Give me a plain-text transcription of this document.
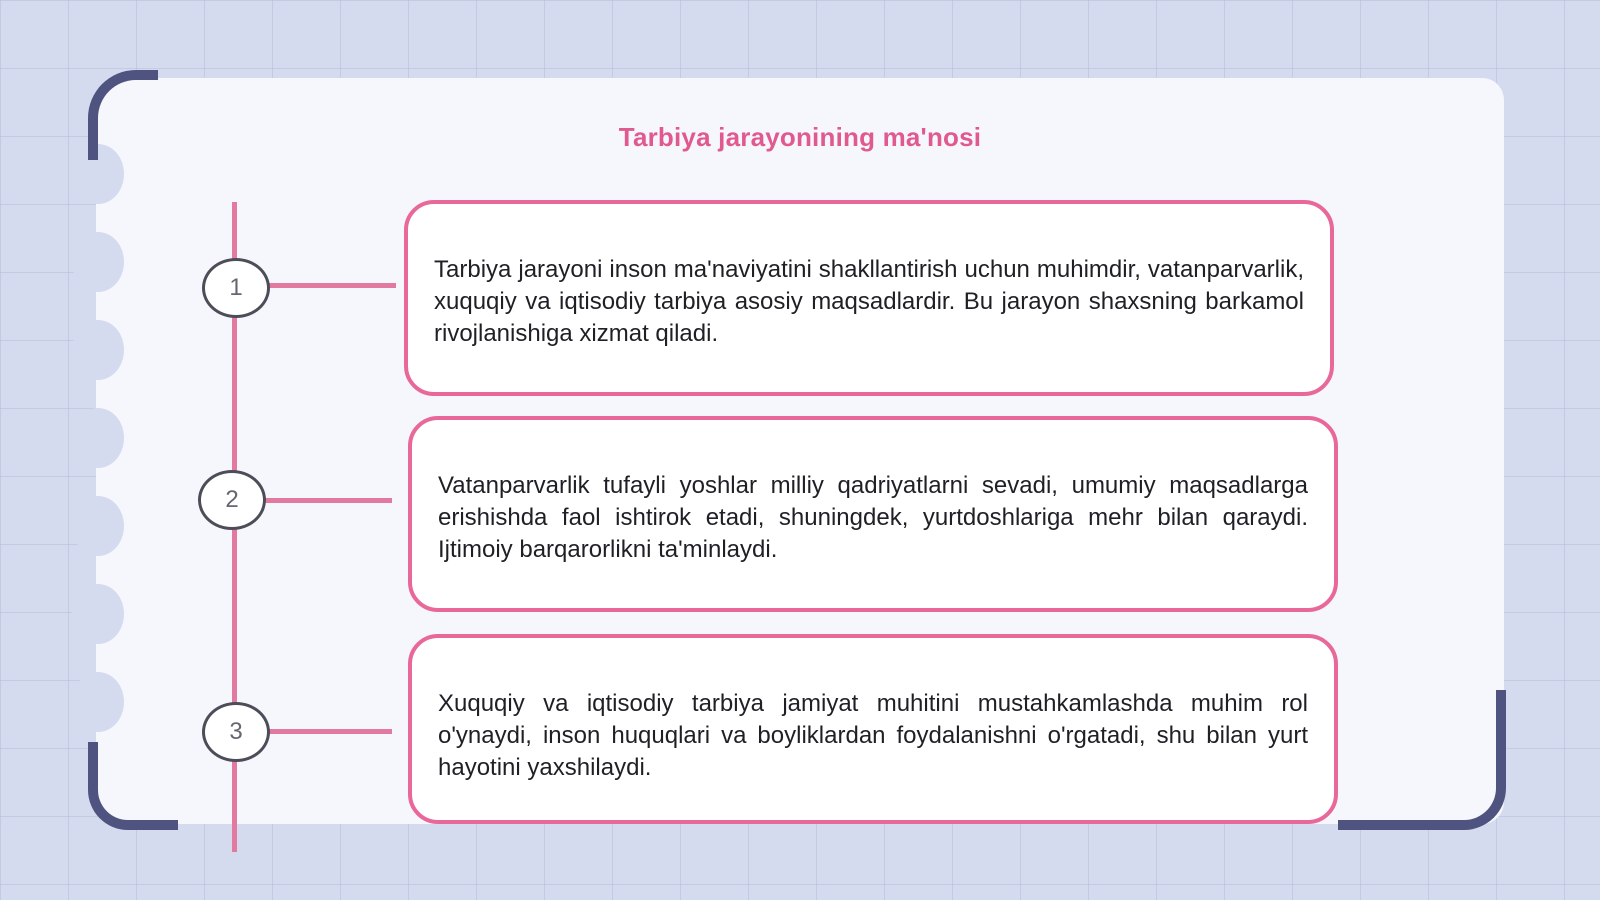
Tarbiya jarayonining ma'nosi
1

Tarbiya jarayoni inson ma'naviyatini shakllantirish uchun muhimdir, vatanparvarlik, xuquqiy va iqtisodiy tarbiya asosiy maqsadlardir. Bu jarayon shaxsning barkamol rivojlanishiga xizmat qiladi.

2

Vatanparvarlik tufayli yoshlar milliy qadriyatlarni sevadi, umumiy maqsadlarga erishishda faol ishtirok etadi, shuningdek, yurtdoshlariga mehr bilan qaraydi. Ijtimoiy barqarorlikni ta'minlaydi.

3

Xuquqiy va iqtisodiy tarbiya jamiyat muhitini mustahkamlashda muhim rol o'ynaydi, inson huquqlari va boyliklardan foydalanishni o'rgatadi, shu bilan yurt hayotini yaxshilaydi.
